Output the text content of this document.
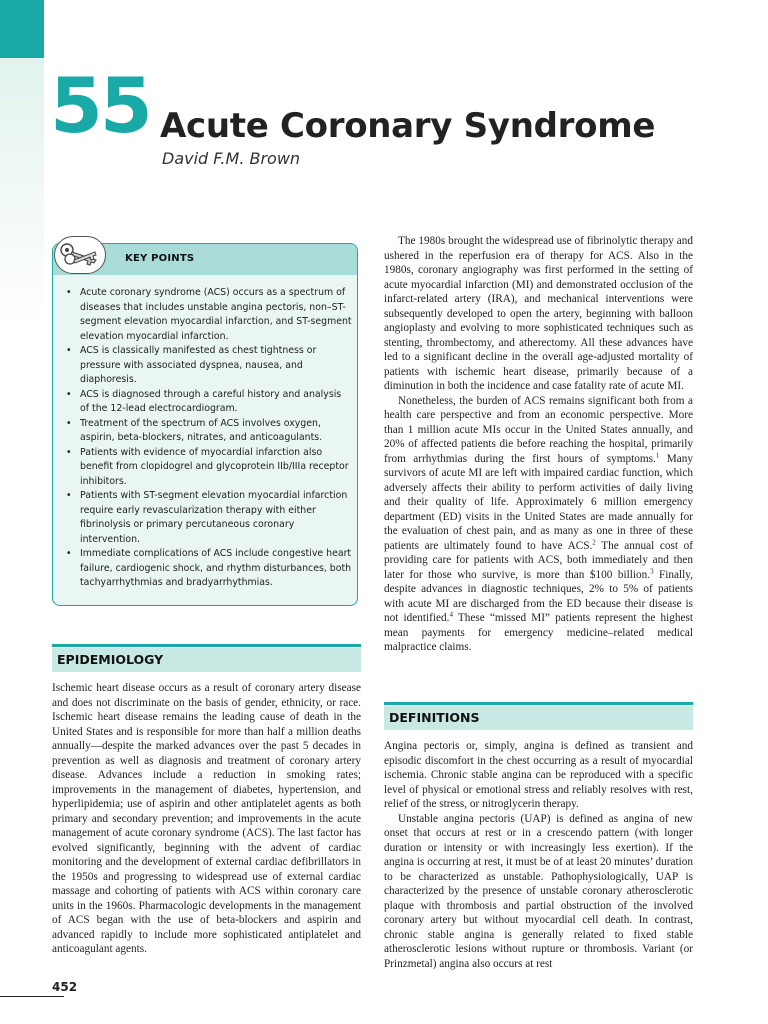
55 Acute Coronary Syndrome
David F.M. Brown
KEY POINTS
• Acute coronary syndrome (ACS) occurs as a spectrum of diseases that includes unstable angina pectoris, non–ST-segment elevation myocardial infarction, and ST-segment elevation myocardial infarction.
• ACS is classically manifested as chest tightness or pressure with associated dyspnea, nausea, and diaphoresis.
• ACS is diagnosed through a careful history and analysis of the 12-lead electrocardiogram.
• Treatment of the spectrum of ACS involves oxygen, aspirin, beta-blockers, nitrates, and anticoagulants.
• Patients with evidence of myocardial infarction also benefit from clopidogrel and glycoprotein IIb/IIIa receptor inhibitors.
• Patients with ST-segment elevation myocardial infarction require early revascularization therapy with either fibrinolysis or primary percutaneous coronary intervention.
• Immediate complications of ACS include congestive heart failure, cardiogenic shock, and rhythm disturbances, both tachyarrhythmias and bradyarrhythmias.
EPIDEMIOLOGY

Ischemic heart disease occurs as a result of coronary artery disease and does not discriminate on the basis of gender, ethnicity, or race. Ischemic heart disease remains the leading cause of death in the United States and is responsible for more than half a million deaths annually—despite the marked advances over the past 5 decades in prevention as well as diagnosis and treatment of coronary artery disease. Advances include a reduction in smoking rates; improvements in the management of diabetes, hypertension, and hyperlipidemia; use of aspirin and other antiplatelet agents as both primary and secondary prevention; and improvements in the acute management of acute coronary syndrome (ACS). The last factor has evolved significantly, beginning with the advent of cardiac monitoring and the development of external cardiac defibrillators in the 1950s and progressing to widespread use of external cardiac massage and cohorting of patients with ACS within coronary care units in the 1960s. Pharmacologic developments in the management of ACS began with the use of beta-blockers and aspirin and advanced rapidly to include more sophisticated antiplatelet and anticoagulant agents.

The 1980s brought the widespread use of fibrinolytic therapy and ushered in the reperfusion era of therapy for ACS. Also in the 1980s, coronary angiography was first performed in the setting of acute myocardial infarction (MI) and demonstrated occlusion of the infarct-related artery (IRA), and mechanical interventions were subsequently developed to open the artery, beginning with balloon angioplasty and evolving to more sophisticated techniques such as stenting, thrombectomy, and atherectomy. All these advances have led to a significant decline in the overall age-adjusted mortality of patients with ischemic heart disease, primarily because of a diminution in both the incidence and case fatality rate of acute MI.

Nonetheless, the burden of ACS remains significant both from a health care perspective and from an economic perspective. More than 1 million acute MIs occur in the United States annually, and 20% of affected patients die before reaching the hospital, primarily from arrhythmias during the first hours of symptoms.$^1$ Many survivors of acute MI are left with impaired cardiac function, which adversely affects their ability to perform activities of daily living and their quality of life. Approximately 6 million emergency department (ED) visits in the United States are made annually for the evaluation of chest pain, and as many as one in three of these patients are ultimately found to have ACS.$^2$ The annual cost of providing care for patients with ACS, both immediately and then later for those who survive, is more than $100 billion.$^3$ Finally, despite advances in diagnostic techniques, 2% to 5% of patients with acute MI are discharged from the ED because their disease is not identified.$^4$ These “missed MI” patients represent the highest mean payments for emergency medicine–related medical malpractice claims.

DEFINITIONS

Angina pectoris or, simply, angina is defined as transient and episodic discomfort in the chest occurring as a result of myocardial ischemia. Chronic stable angina can be reproduced with a specific level of physical or emotional stress and reliably resolves with rest, relief of the stress, or nitroglycerin therapy.

Unstable angina pectoris (UAP) is defined as angina of new onset that occurs at rest or in a crescendo pattern (with longer duration or intensity or with increasingly less exertion). If the angina is occurring at rest, it must be of at least 20 minutes’ duration to be characterized as unstable. Pathophysiologically, UAP is characterized by the presence of unstable coronary atherosclerotic plaque with thrombosis and partial obstruction of the involved coronary artery but without myocardial cell death. In contrast, chronic stable angina is generally related to fixed stable atherosclerotic lesions without rupture or thrombosis. Variant (or Prinzmetal) angina also occurs at rest

452
